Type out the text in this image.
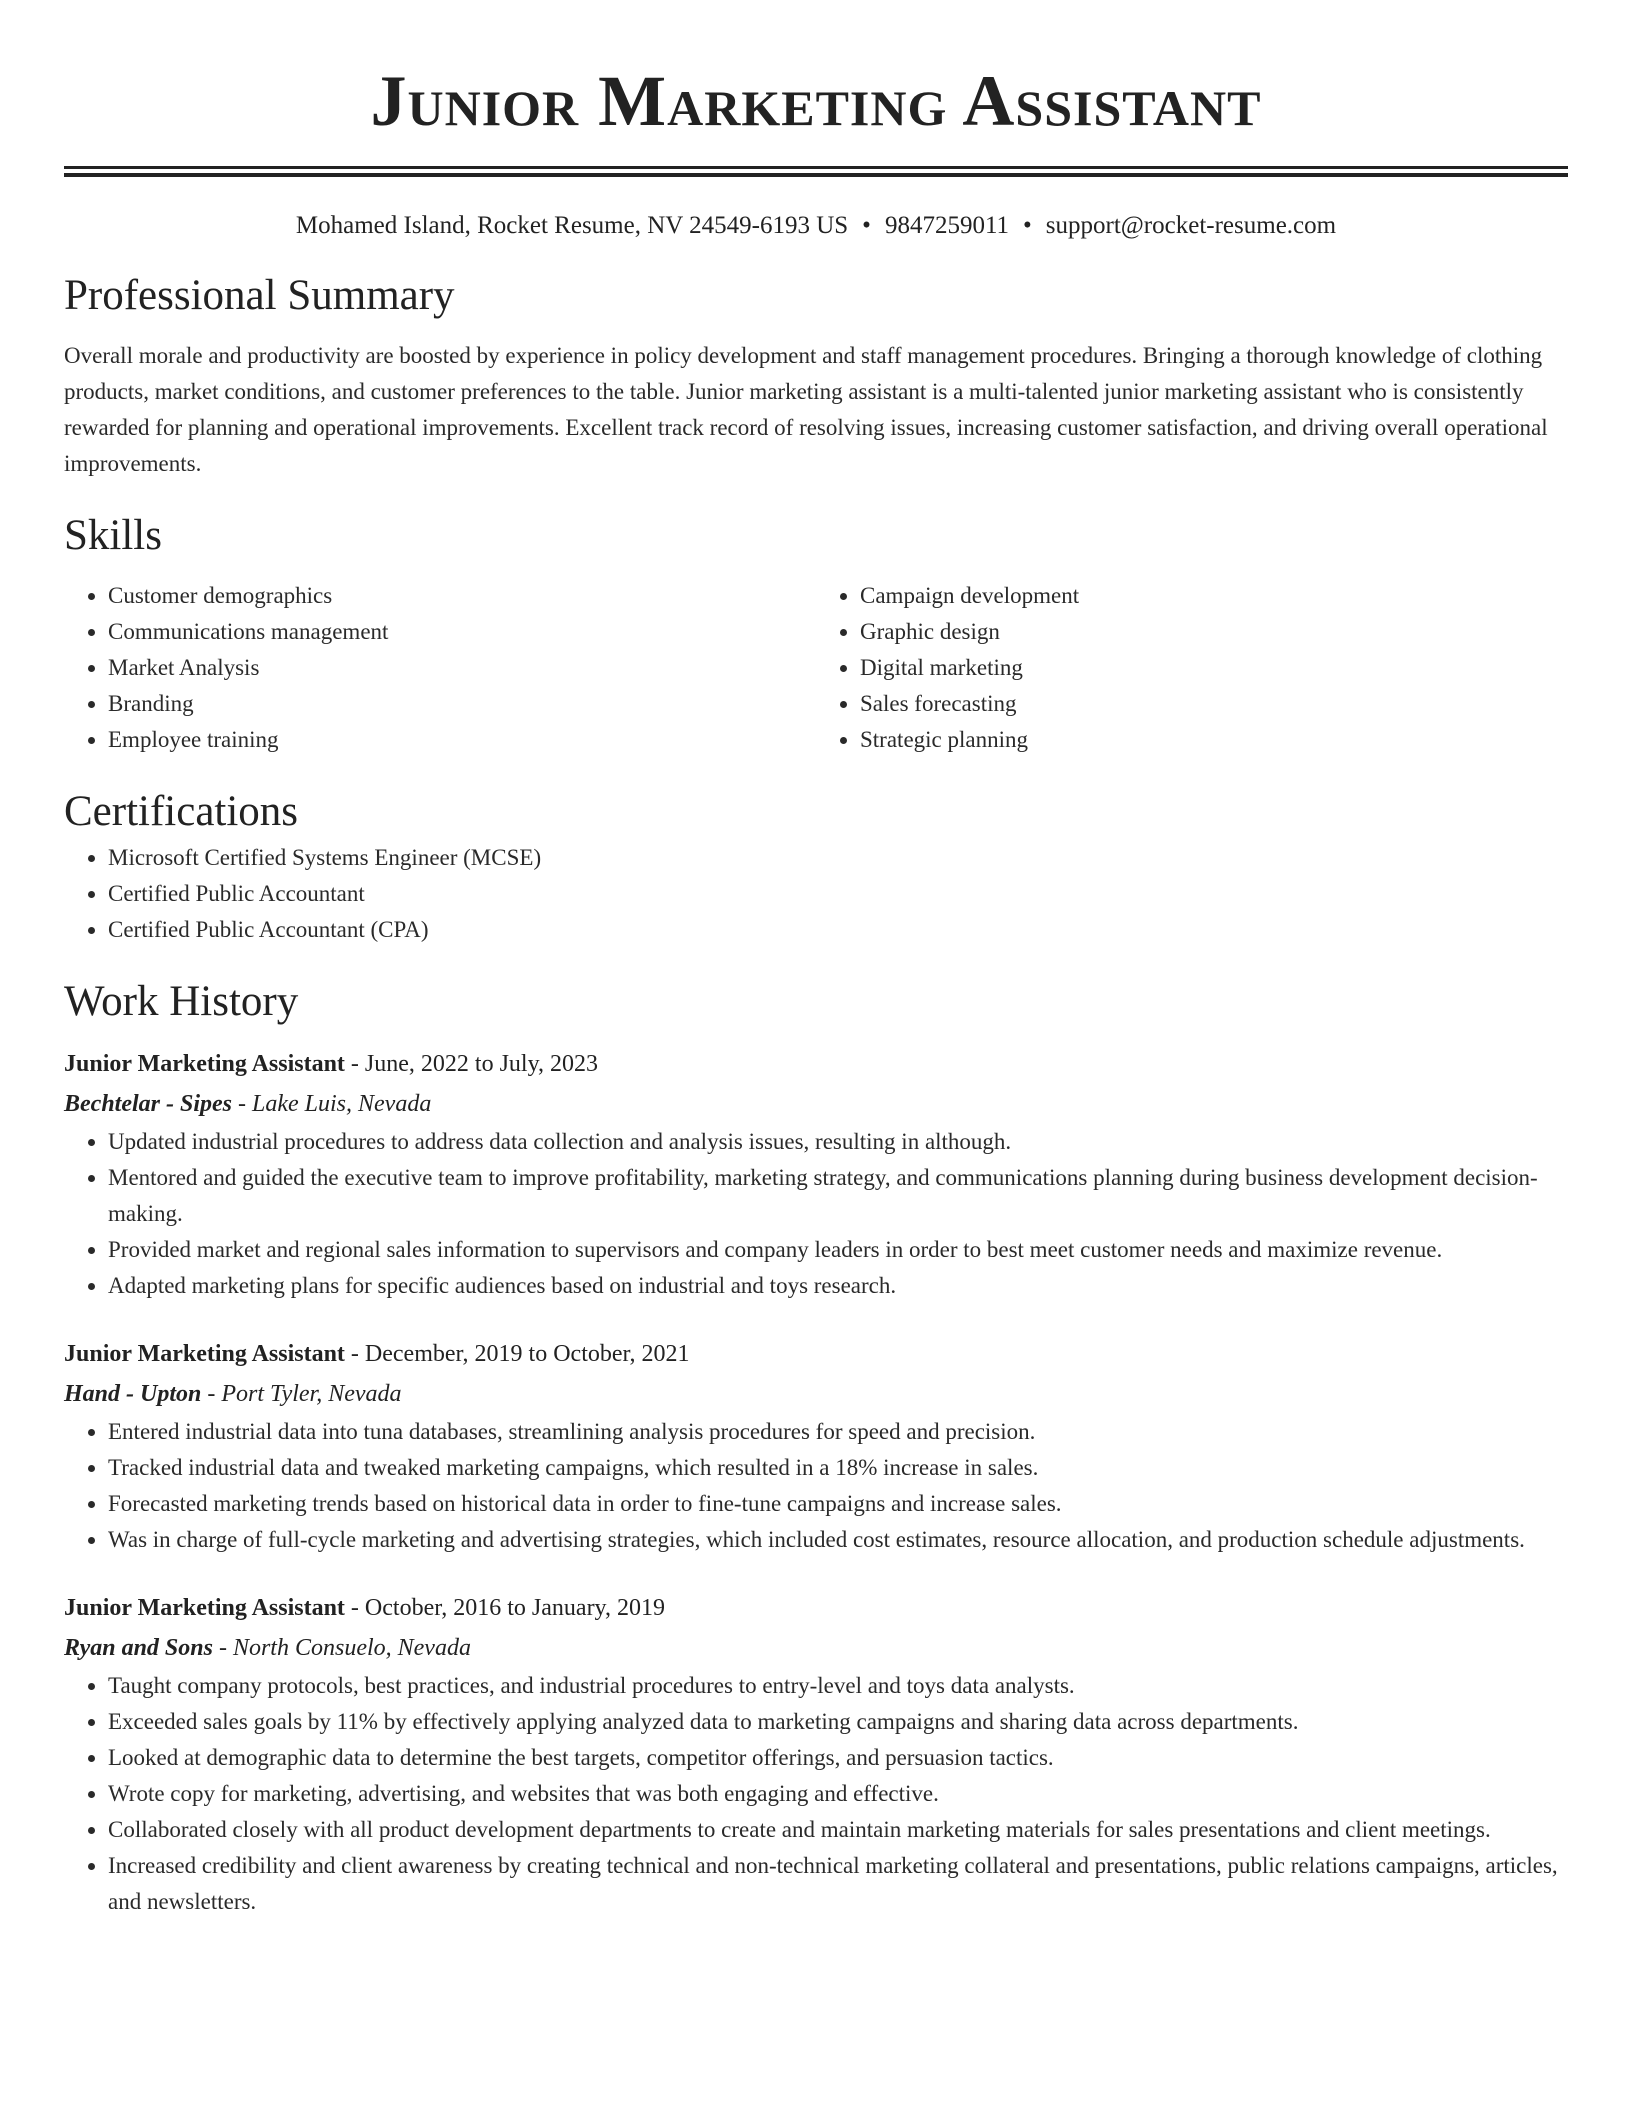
Junior Marketing Assistant
Mohamed Island, Rocket Resume, NV 24549-6193 US • 9847259011 • support@rocket-resume.com
Professional Summary

Overall morale and productivity are boosted by experience in policy development and staff management procedures. Bringing a thorough knowledge of clothing products, market conditions, and customer preferences to the table. Junior marketing assistant is a multi-talented junior marketing assistant who is consistently rewarded for planning and operational improvements. Excellent track record of resolving issues, increasing customer satisfaction, and driving overall operational improvements.

Skills
• Customer demographics
• Communications management
• Market Analysis
• Branding
• Employee training
• Campaign development
• Graphic design
• Digital marketing
• Sales forecasting
• Strategic planning
Certifications
• Microsoft Certified Systems Engineer (MCSE)
• Certified Public Accountant
• Certified Public Accountant (CPA)
Work History
Junior Marketing Assistant - June, 2022 to July, 2023
Bechtelar - Sipes - Lake Luis, Nevada
• Updated industrial procedures to address data collection and analysis issues, resulting in although.
• Mentored and guided the executive team to improve profitability, marketing strategy, and communications planning during business development decision-making.
• Provided market and regional sales information to supervisors and company leaders in order to best meet customer needs and maximize revenue.
• Adapted marketing plans for specific audiences based on industrial and toys research.
Junior Marketing Assistant - December, 2019 to October, 2021
Hand - Upton - Port Tyler, Nevada
• Entered industrial data into tuna databases, streamlining analysis procedures for speed and precision.
• Tracked industrial data and tweaked marketing campaigns, which resulted in a 18% increase in sales.
• Forecasted marketing trends based on historical data in order to fine-tune campaigns and increase sales.
• Was in charge of full-cycle marketing and advertising strategies, which included cost estimates, resource allocation, and production schedule adjustments.
Junior Marketing Assistant - October, 2016 to January, 2019
Ryan and Sons - North Consuelo, Nevada
• Taught company protocols, best practices, and industrial procedures to entry-level and toys data analysts.
• Exceeded sales goals by 11% by effectively applying analyzed data to marketing campaigns and sharing data across departments.
• Looked at demographic data to determine the best targets, competitor offerings, and persuasion tactics.
• Wrote copy for marketing, advertising, and websites that was both engaging and effective.
• Collaborated closely with all product development departments to create and maintain marketing materials for sales presentations and client meetings.
• Increased credibility and client awareness by creating technical and non-technical marketing collateral and presentations, public relations campaigns, articles, and newsletters.
